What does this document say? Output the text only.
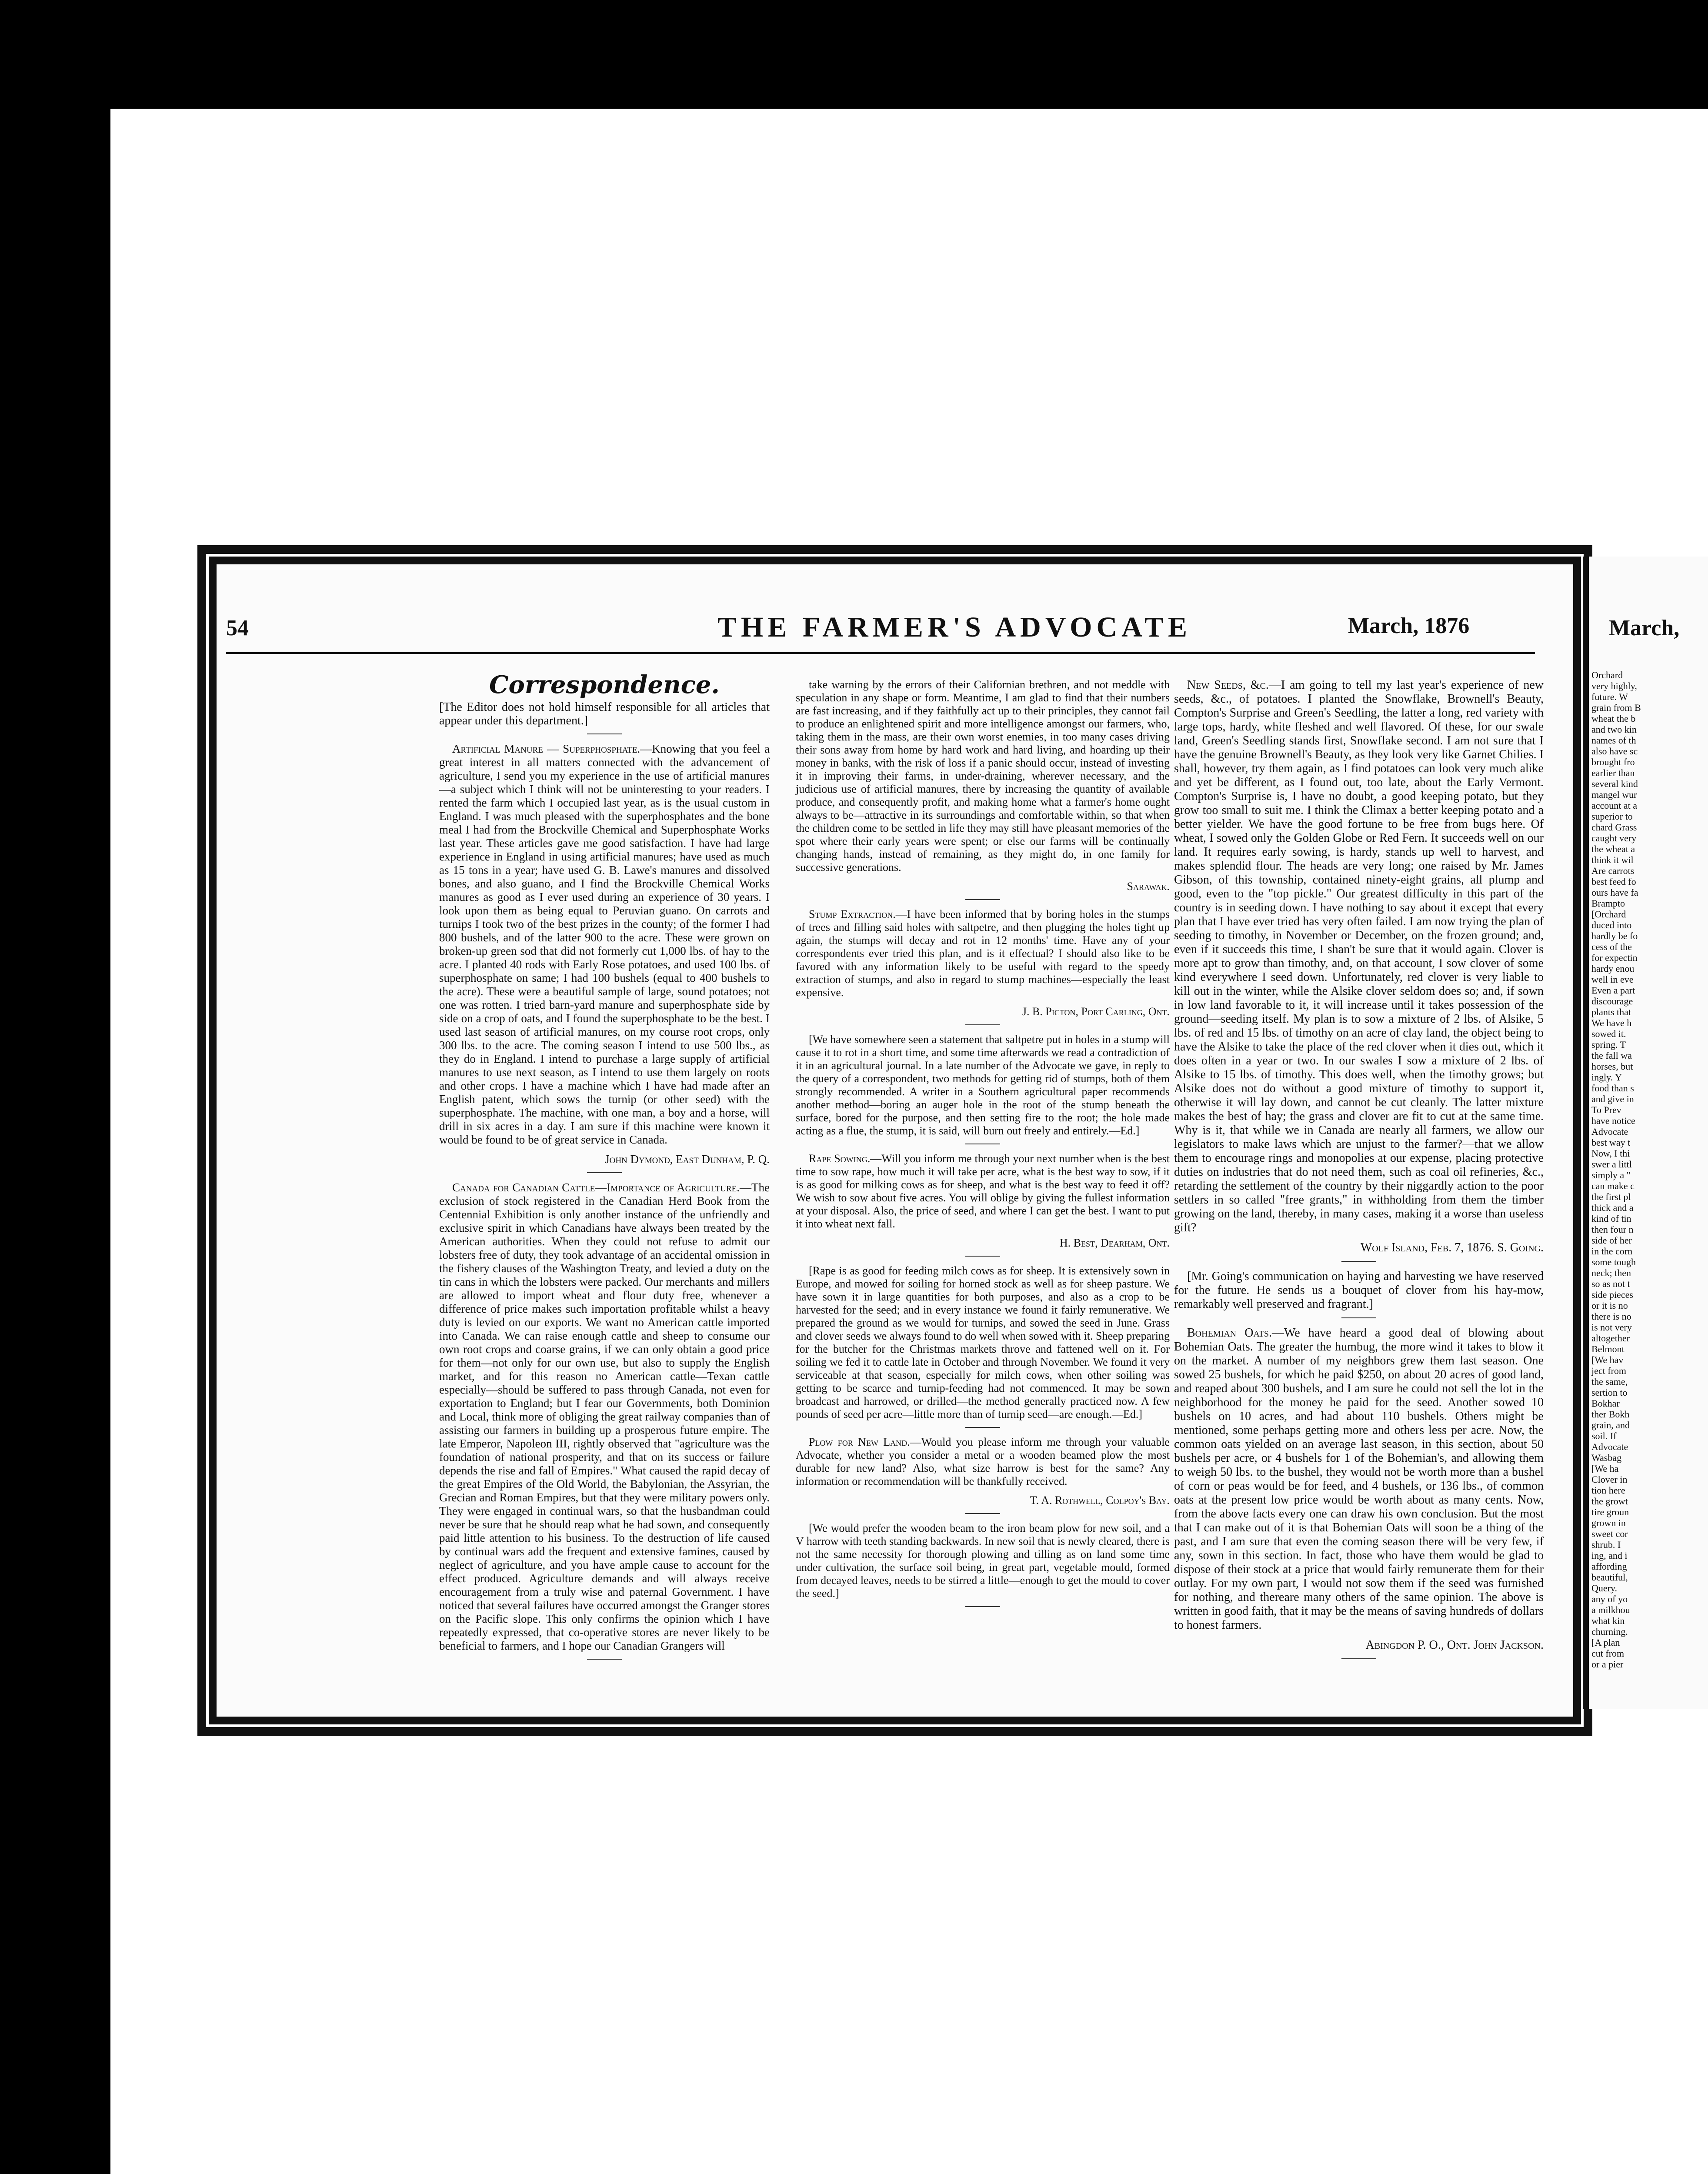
54	THE FARMER'S ADVOCATE	March, 1876	March,
Correspondence.

[The Editor does not hold himself responsible for all articles that appear under this department.]

Artificial Manure — Superphosphate.—Knowing that you feel a great interest in all matters connected with the advancement of agriculture, I send you my experience in the use of artificial manures—a subject which I think will not be uninteresting to your readers. I rented the farm which I occupied last year, as is the usual custom in England. I was much pleased with the superphosphates and the bone meal I had from the Brockville Chemical and Superphosphate Works last year. These articles gave me good satisfaction. I have had large experience in England in using artificial manures; have used as much as 15 tons in a year; have used G. B. Lawe's manures and dissolved bones, and also guano, and I find the Brockville Chemical Works manures as good as I ever used during an experience of 30 years. I look upon them as being equal to Peruvian guano. On carrots and turnips I took two of the best prizes in the county; of the former I had 800 bushels, and of the latter 900 to the acre. These were grown on broken-up green sod that did not formerly cut 1,000 lbs. of hay to the acre. I planted 40 rods with Early Rose potatoes, and used 100 lbs. of superphosphate on same; I had 100 bushels (equal to 400 bushels to the acre). These were a beautiful sample of large, sound potatoes; not one was rotten. I tried barn-yard manure and superphosphate side by side on a crop of oats, and I found the superphosphate to be the best. I used last season of artificial manures, on my course root crops, only 300 lbs. to the acre. The coming season I intend to use 500 lbs., as they do in England. I intend to purchase a large supply of artificial manures to use next season, as I intend to use them largely on roots and other crops. I have a machine which I have had made after an English patent, which sows the turnip (or other seed) with the superphosphate. The machine, with one man, a boy and a horse, will drill in six acres in a day. I am sure if this machine were known it would be found to be of great service in Canada.

John Dymond, East Dunham, P. Q.

Canada for Canadian Cattle—Importance of Agriculture.—The exclusion of stock registered in the Canadian Herd Book from the Centennial Exhibition is only another instance of the unfriendly and exclusive spirit in which Canadians have always been treated by the American authorities. When they could not refuse to admit our lobsters free of duty, they took advantage of an accidental omission in the fishery clauses of the Washington Treaty, and levied a duty on the tin cans in which the lobsters were packed. Our merchants and millers are allowed to import wheat and flour duty free, whenever a difference of price makes such importation profitable whilst a heavy duty is levied on our exports. We want no American cattle imported into Canada. We can raise enough cattle and sheep to consume our own root crops and coarse grains, if we can only obtain a good price for them—not only for our own use, but also to supply the English market, and for this reason no American cattle—Texan cattle especially—should be suffered to pass through Canada, not even for exportation to England; but I fear our Governments, both Dominion and Local, think more of obliging the great railway companies than of assisting our farmers in building up a prosperous future empire. The late Emperor, Napoleon III, rightly observed that "agriculture was the foundation of national prosperity, and that on its success or failure depends the rise and fall of Empires." What caused the rapid decay of the great Empires of the Old World, the Babylonian, the Assyrian, the Grecian and Roman Empires, but that they were military powers only. They were engaged in continual wars, so that the husbandman could never be sure that he should reap what he had sown, and consequently paid little attention to his business. To the destruction of life caused by continual wars add the frequent and extensive famines, caused by neglect of agriculture, and you have ample cause to account for the effect produced. Agriculture demands and will always receive encouragement from a truly wise and paternal Government. I have noticed that several failures have occurred amongst the Granger stores on the Pacific slope. This only confirms the opinion which I have repeatedly expressed, that co-operative stores are never likely to be beneficial to farmers, and I hope our Canadian Grangers will

take warning by the errors of their Californian brethren, and not meddle with speculation in any shape or form. Meantime, I am glad to find that their numbers are fast increasing, and if they faithfully act up to their principles, they cannot fail to produce an enlightened spirit and more intelligence amongst our farmers, who, taking them in the mass, are their own worst enemies, in too many cases driving their sons away from home by hard work and hard living, and hoarding up their money in banks, with the risk of loss if a panic should occur, instead of investing it in improving their farms, in under-draining, wherever necessary, and the judicious use of artificial manures, there by increasing the quantity of available produce, and consequently profit, and making home what a farmer's home ought always to be—attractive in its surroundings and comfortable within, so that when the children come to be settled in life they may still have pleasant memories of the spot where their early years were spent; or else our farms will be continually changing hands, instead of remaining, as they might do, in one family for successive generations.

Sarawak.

Stump Extraction.—I have been informed that by boring holes in the stumps of trees and filling said holes with saltpetre, and then plugging the holes tight up again, the stumps will decay and rot in 12 months' time. Have any of your correspondents ever tried this plan, and is it effectual? I should also like to be favored with any information likely to be useful with regard to the speedy extraction of stumps, and also in regard to stump machines—especially the least expensive.

J. B. Picton, Port Carling, Ont.

[We have somewhere seen a statement that saltpetre put in holes in a stump will cause it to rot in a short time, and some time afterwards we read a contradiction of it in an agricultural journal. In a late number of the Advocate we gave, in reply to the query of a correspondent, two methods for getting rid of stumps, both of them strongly recommended. A writer in a Southern agricultural paper recommends another method—boring an auger hole in the root of the stump beneath the surface, bored for the purpose, and then setting fire to the root; the hole made acting as a flue, the stump, it is said, will burn out freely and entirely.—Ed.]

Rape Sowing.—Will you inform me through your next number when is the best time to sow rape, how much it will take per acre, what is the best way to sow, if it is as good for milking cows as for sheep, and what is the best way to feed it off? We wish to sow about five acres. You will oblige by giving the fullest information at your disposal. Also, the price of seed, and where I can get the best. I want to put it into wheat next fall.

H. Best, Dearham, Ont.

[Rape is as good for feeding milch cows as for sheep. It is extensively sown in Europe, and mowed for soiling for horned stock as well as for sheep pasture. We have sown it in large quantities for both purposes, and also as a crop to be harvested for the seed; and in every instance we found it fairly remunerative. We prepared the ground as we would for turnips, and sowed the seed in June. Grass and clover seeds we always found to do well when sowed with it. Sheep preparing for the butcher for the Christmas markets throve and fattened well on it. For soiling we fed it to cattle late in October and through November. We found it very serviceable at that season, especially for milch cows, when other soiling was getting to be scarce and turnip-feeding had not commenced. It may be sown broadcast and harrowed, or drilled—the method generally practiced now. A few pounds of seed per acre—little more than of turnip seed—are enough.—Ed.]

Plow for New Land.—Would you please inform me through your valuable Advocate, whether you consider a metal or a wooden beamed plow the most durable for new land? Also, what size harrow is best for the same? Any information or recommendation will be thankfully received.

T. A. Rothwell, Colpoy's Bay.

[We would prefer the wooden beam to the iron beam plow for new soil, and a V harrow with teeth standing backwards. In new soil that is newly cleared, there is not the same necessity for thorough plowing and tilling as on land some time under cultivation, the surface soil being, in great part, vegetable mould, formed from decayed leaves, needs to be stirred a little—enough to get the mould to cover the seed.]

New Seeds, &c.—I am going to tell my last year's experience of new seeds, &c., of potatoes. I planted the Snowflake, Brownell's Beauty, Compton's Surprise and Green's Seedling, the latter a long, red variety with large tops, hardy, white fleshed and well flavored. Of these, for our swale land, Green's Seedling stands first, Snowflake second. I am not sure that I have the genuine Brownell's Beauty, as they look very like Garnet Chilies. I shall, however, try them again, as I find potatoes can look very much alike and yet be different, as I found out, too late, about the Early Vermont. Compton's Surprise is, I have no doubt, a good keeping potato, but they grow too small to suit me. I think the Climax a better keeping potato and a better yielder. We have the good fortune to be free from bugs here. Of wheat, I sowed only the Golden Globe or Red Fern. It succeeds well on our land. It requires early sowing, is hardy, stands up well to harvest, and makes splendid flour. The heads are very long; one raised by Mr. James Gibson, of this township, contained ninety-eight grains, all plump and good, even to the "top pickle." Our greatest difficulty in this part of the country is in seeding down. I have nothing to say about it except that every plan that I have ever tried has very often failed. I am now trying the plan of seeding to timothy, in November or December, on the frozen ground; and, even if it succeeds this time, I shan't be sure that it would again. Clover is more apt to grow than timothy, and, on that account, I sow clover of some kind everywhere I seed down. Unfortunately, red clover is very liable to kill out in the winter, while the Alsike clover seldom does so; and, if sown in low land favorable to it, it will increase until it takes possession of the ground—seeding itself. My plan is to sow a mixture of 2 lbs. of Alsike, 5 lbs. of red and 15 lbs. of timothy on an acre of clay land, the object being to have the Alsike to take the place of the red clover when it dies out, which it does often in a year or two. In our swales I sow a mixture of 2 lbs. of Alsike to 15 lbs. of timothy. This does well, when the timothy grows; but Alsike does not do without a good mixture of timothy to support it, otherwise it will lay down, and cannot be cut cleanly. The latter mixture makes the best of hay; the grass and clover are fit to cut at the same time. Why is it, that while we in Canada are nearly all farmers, we allow our legislators to make laws which are unjust to the farmer?—that we allow them to encourage rings and monopolies at our expense, placing protective duties on industries that do not need them, such as coal oil refineries, &c., retarding the settlement of the country by their niggardly action to the poor settlers in so called "free grants," in withholding from them the timber growing on the land, thereby, in many cases, making it a worse than useless gift?

Wolf Island, Feb. 7, 1876. S. Going.

[Mr. Going's communication on haying and harvesting we have reserved for the future. He sends us a bouquet of clover from his hay-mow, remarkably well preserved and fragrant.]

Bohemian Oats.—We have heard a good deal of blowing about Bohemian Oats. The greater the humbug, the more wind it takes to blow it on the market. A number of my neighbors grew them last season. One sowed 25 bushels, for which he paid $250, on about 20 acres of good land, and reaped about 300 bushels, and I am sure he could not sell the lot in the neighborhood for the money he paid for the seed. Another sowed 10 bushels on 10 acres, and had about 110 bushels. Others might be mentioned, some perhaps getting more and others less per acre. Now, the common oats yielded on an average last season, in this section, about 50 bushels per acre, or 4 bushels for 1 of the Bohemian's, and allowing them to weigh 50 lbs. to the bushel, they would not be worth more than a bushel of corn or peas would be for feed, and 4 bushels, or 136 lbs., of common oats at the present low price would be worth about as many cents. Now, from the above facts every one can draw his own conclusion. But the most that I can make out of it is that Bohemian Oats will soon be a thing of the past, and I am sure that even the coming season there will be very few, if any, sown in this section. In fact, those who have them would be glad to dispose of their stock at a price that would fairly remunerate them for their outlay. For my own part, I would not sow them if the seed was furnished for nothing, and thereare many others of the same opinion. The above is written in good faith, that it may be the means of saving hundreds of dollars to honest farmers.

Abingdon P. O., Ont. John Jackson.

Orchard
very highly,
future. W
grain from B
wheat the b
and two kin
names of th
also have sc
brought fro
earlier than
several kind
mangel wur
account at a
superior to
chard Grass
caught very
the wheat a
think it wil
Are carrots
best feed fo
ours have fa
Brampto
[Orchard
duced into
hardly be fo
cess of the
for expectin
hardy enou
well in eve
Even a part
discourage
plants that
We have h
sowed it.
spring. T
the fall wa
horses, but
ingly. Y
food than s
and give in
To Prev
have notice
Advocate
best way t
Now, I thi
swer a littl
simply a "
can make c
the first pl
thick and a
kind of tin
then four n
side of her
in the corn
some tough
neck; then
so as not t
side pieces
or it is no
there is no
is not very
altogether
Belmont
[We hav
ject from
the same,
sertion to
Bokhar
ther Bokh
grain, and
soil. If
Advocate
Wasbag
[We ha
Clover in
tion here
the growt
tire groun
grown in
sweet cor
shrub. I
ing, and i
affording
beautiful,
Query.
any of yo
a milkhou
what kin
churning.
[A plan
cut from
or a pier
